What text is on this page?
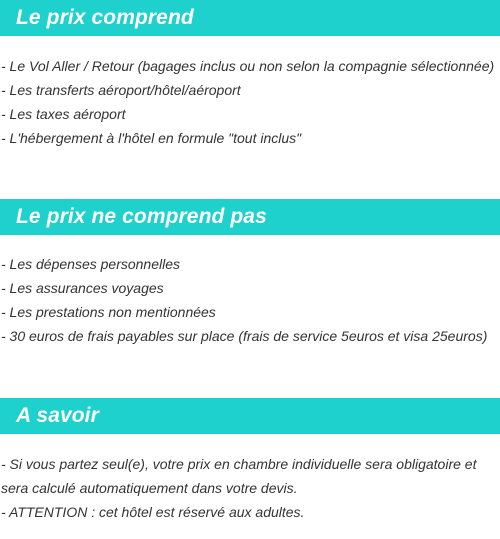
Le prix comprend
- Le Vol Aller / Retour (bagages inclus ou non selon la compagnie sélectionnée)
- Les transferts aéroport/hôtel/aéroport
- Les taxes aéroport
- L'hébergement à l'hôtel en formule "tout inclus"
Le prix ne comprend pas
- Les dépenses personnelles
- Les assurances voyages
- Les prestations non mentionnées
- 30 euros de frais payables sur place (frais de service 5euros et visa 25euros)
A savoir
- Si vous partez seul(e), votre prix en chambre individuelle sera obligatoire et sera calculé automatiquement dans votre devis.
- ATTENTION : cet hôtel est réservé aux adultes.
